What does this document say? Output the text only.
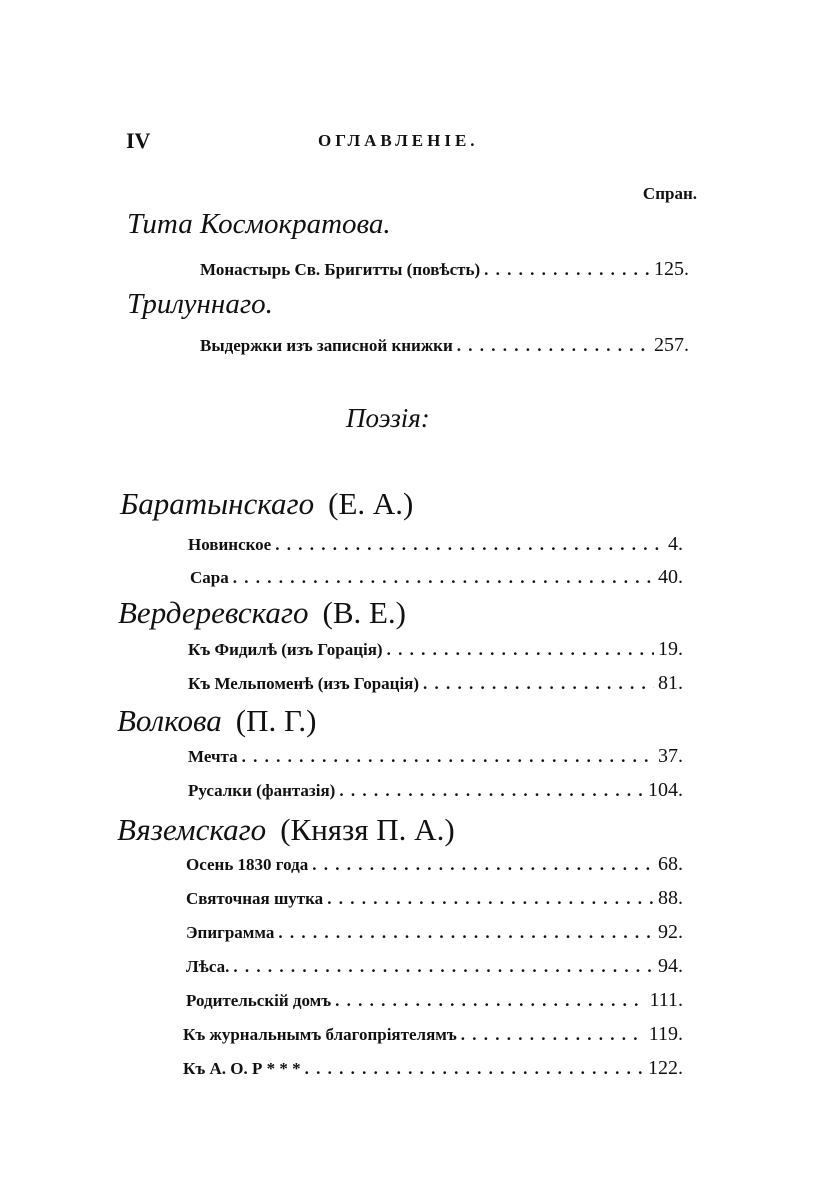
IV	ОГЛАВЛЕНІЕ.
Спран.
Тита Космократова.
Монастырь Св. Бригитты (повѣсть) . . .	125.
Трилуннаго.
Выдержки изъ записной книжки . . .	257.
Поэзія:
Баратынскаго (Е. А.)
Новинское . . .	4.
Сара . . .	40.
Вердеревскаго (В. Е.)
Къ Фидилѣ (изъ Горація) . . .	19.
Къ Мельпоменѣ (изъ Горація) . . .	81.
Волкова (П. Г.)
Мечта . . .	37.
Русалки (фантазія) . . .	104.
Вяземскаго (Князя П. А.)
Осень 1830 года . . .	68.
Святочная шутка . . .	88.
Эпиграмма . . .	92.
Лѣса. . . .	94.
Родительскій домъ . . .	111.
Къ журнальнымъ благопріятелямъ . . .	119.
Къ А. О. Р * * * . . .	122.
